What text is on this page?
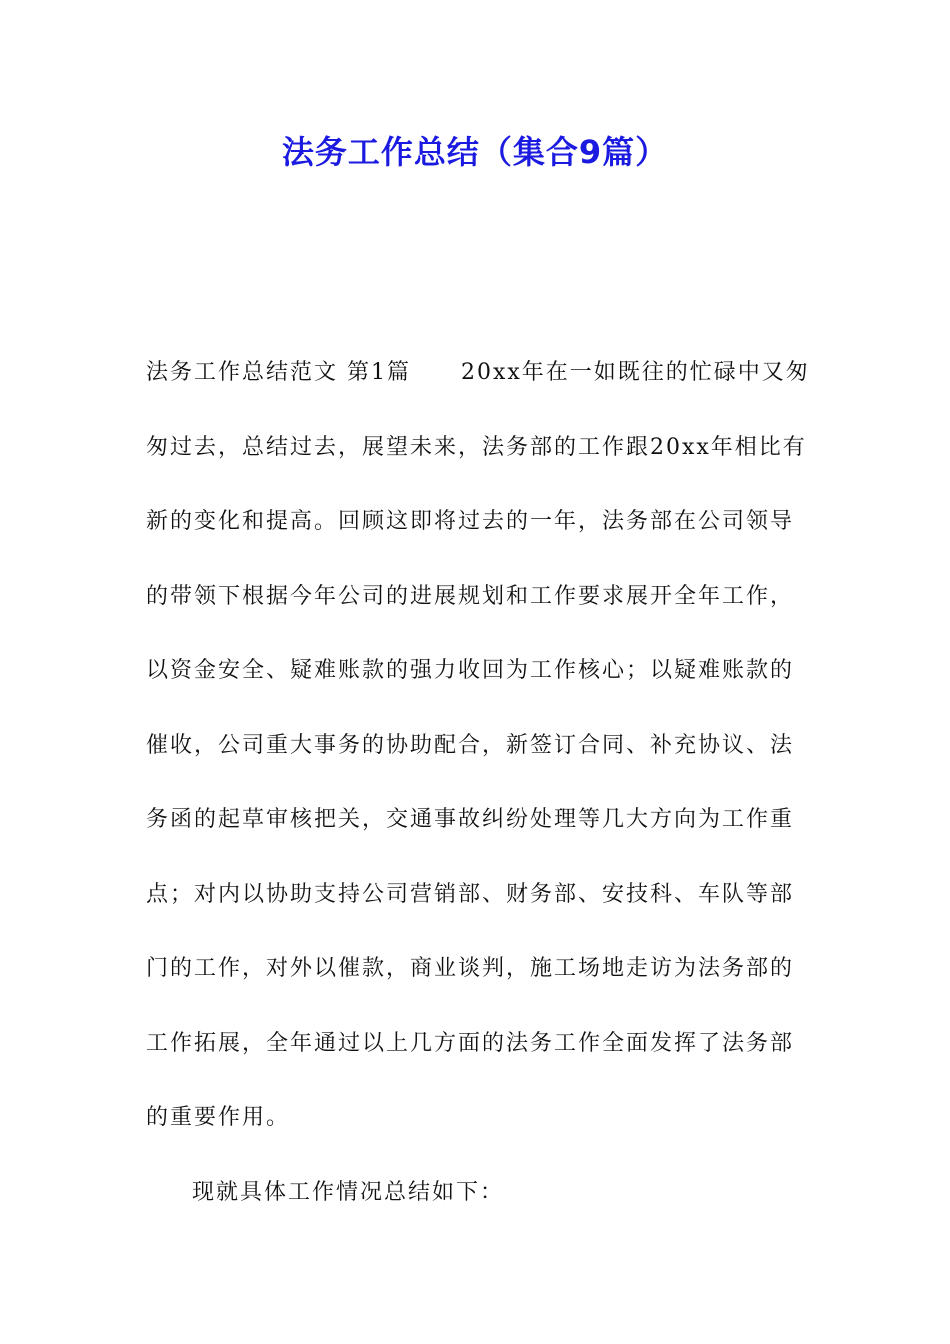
法务工作总结（集合9篇）

法务工作总结范文 第1篇 20xx年在一如既往的忙碌中又匆
匆过去，总结过去，展望未来，法务部的工作跟20xx年相比有
新的变化和提高。回顾这即将过去的一年，法务部在公司领导
的带领下根据今年公司的进展规划和工作要求展开全年工作，
以资金安全、疑难账款的强力收回为工作核心；以疑难账款的
催收，公司重大事务的协助配合，新签订合同、补充协议、法
务函的起草审核把关，交通事故纠纷处理等几大方向为工作重
点；对内以协助支持公司营销部、财务部、安技科、车队等部
门的工作，对外以催款，商业谈判，施工场地走访为法务部的
工作拓展，全年通过以上几方面的法务工作全面发挥了法务部
的重要作用。

现就具体工作情况总结如下：
